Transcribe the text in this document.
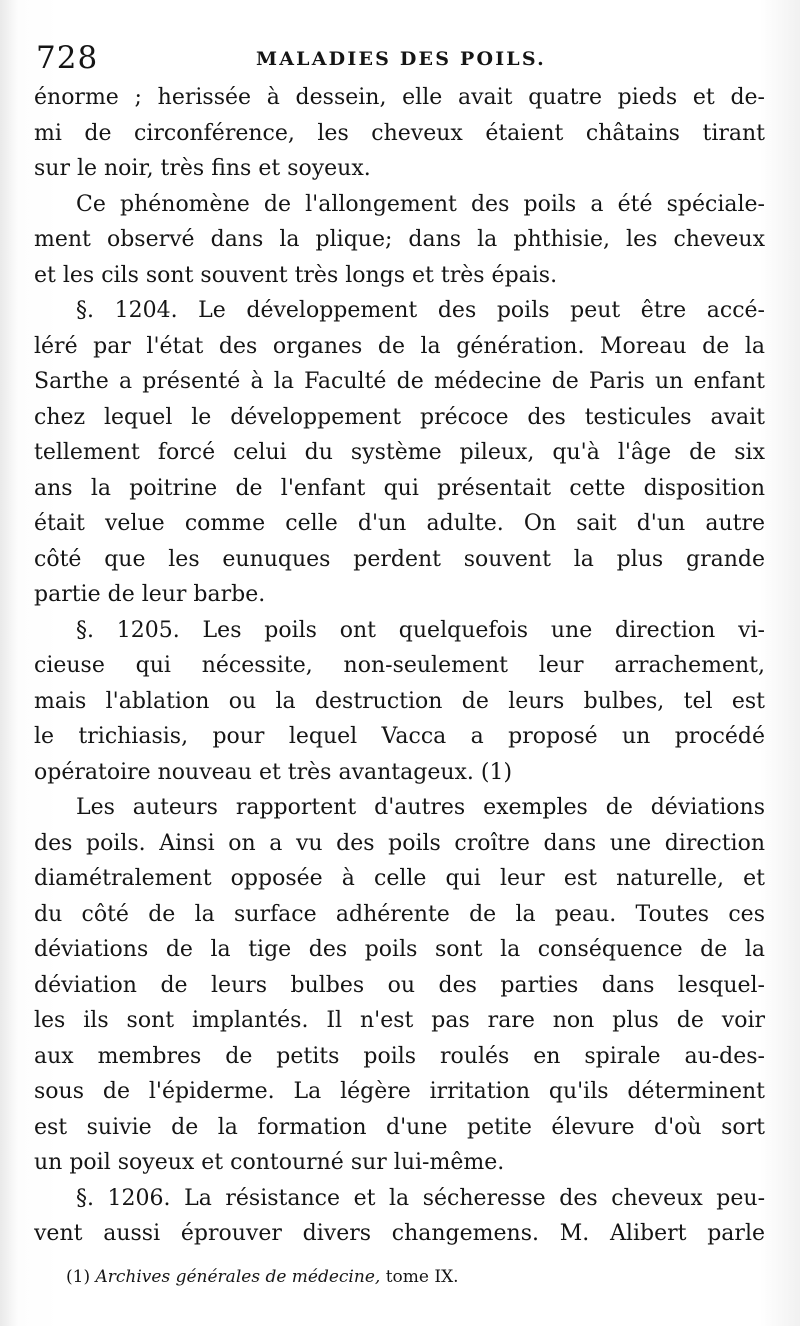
728	MALADIES DES POILS.
énorme ; herissée à dessein, elle avait quatre pieds et de-
mi de circonférence, les cheveux étaient châtains tirant
sur le noir, très fins et soyeux.
Ce phénomène de l'allongement des poils a été spéciale-
ment observé dans la plique; dans la phthisie, les cheveux
et les cils sont souvent très longs et très épais.
§. 1204. Le développement des poils peut être accé-
léré par l'état des organes de la génération. Moreau de la
Sarthe a présenté à la Faculté de médecine de Paris un enfant
chez lequel le développement précoce des testicules avait
tellement forcé celui du système pileux, qu'à l'âge de six
ans la poitrine de l'enfant qui présentait cette disposition
était velue comme celle d'un adulte. On sait d'un autre
côté que les eunuques perdent souvent la plus grande
partie de leur barbe.
§. 1205. Les poils ont quelquefois une direction vi-
cieuse qui nécessite, non-seulement leur arrachement,
mais l'ablation ou la destruction de leurs bulbes, tel est
le trichiasis, pour lequel Vacca a proposé un procédé
opératoire nouveau et très avantageux. (1)
Les auteurs rapportent d'autres exemples de déviations
des poils. Ainsi on a vu des poils croître dans une direction
diamétralement opposée à celle qui leur est naturelle, et
du côté de la surface adhérente de la peau. Toutes ces
déviations de la tige des poils sont la conséquence de la
déviation de leurs bulbes ou des parties dans lesquel-
les ils sont implantés. Il n'est pas rare non plus de voir
aux membres de petits poils roulés en spirale au-des-
sous de l'épiderme. La légère irritation qu'ils déterminent
est suivie de la formation d'une petite élevure d'où sort
un poil soyeux et contourné sur lui-même.
§. 1206. La résistance et la sécheresse des cheveux peu-
vent aussi éprouver divers changemens. M. Alibert parle
(1) Archives générales de médecine, tome IX.
